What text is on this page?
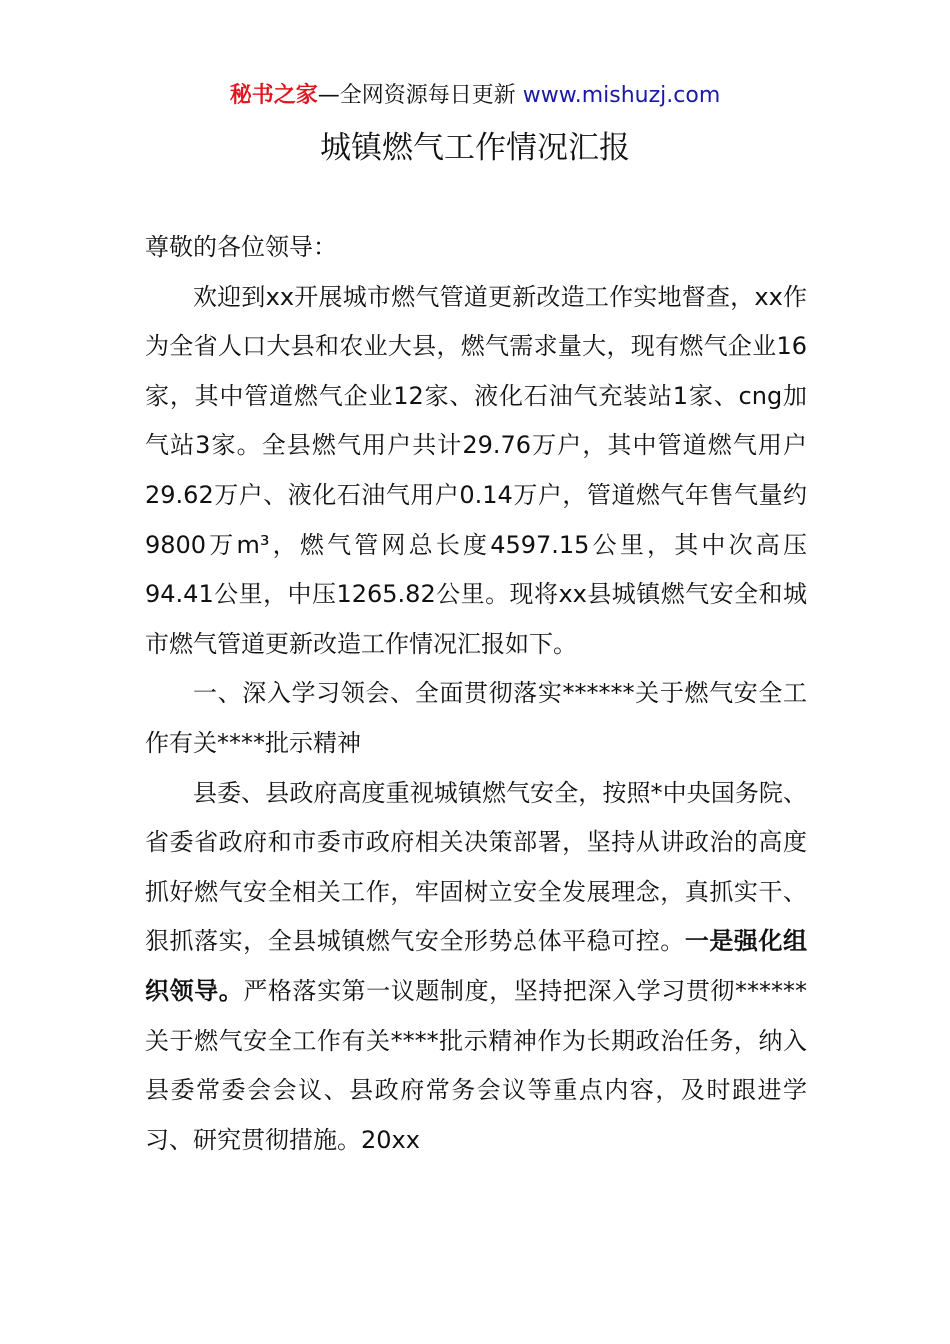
秘书之家—全网资源每日更新 www.mishuzj.com
城镇燃气工作情况汇报

尊敬的各位领导：

欢迎到xx开展城市燃气管道更新改造工作实地督查，xx作为全省人口大县和农业大县，燃气需求量大，现有燃气企业16家，其中管道燃气企业12家、液化石油气充装站1家、cng加气站3家。全县燃气用户共计29.76万户，其中管道燃气用户29.62万户、液化石油气用户0.14万户，管道燃气年售气量约9800万m³，燃气管网总长度4597.15公里，其中次高压94.41公里，中压1265.82公里。现将xx县城镇燃气安全和城市燃气管道更新改造工作情况汇报如下。

一、深入学习领会、全面贯彻落实******关于燃气安全工作有关****批示精神

县委、县政府高度重视城镇燃气安全，按照*中央国务院、省委省政府和市委市政府相关决策部署，坚持从讲政治的高度抓好燃气安全相关工作，牢固树立安全发展理念，真抓实干、狠抓落实，全县城镇燃气安全形势总体平稳可控。一是强化组织领导。严格落实第一议题制度，坚持把深入学习贯彻******关于燃气安全工作有关****批示精神作为长期政治任务，纳入县委常委会会议、县政府常务会议等重点内容，及时跟进学习、研究贯彻措施。20xx
